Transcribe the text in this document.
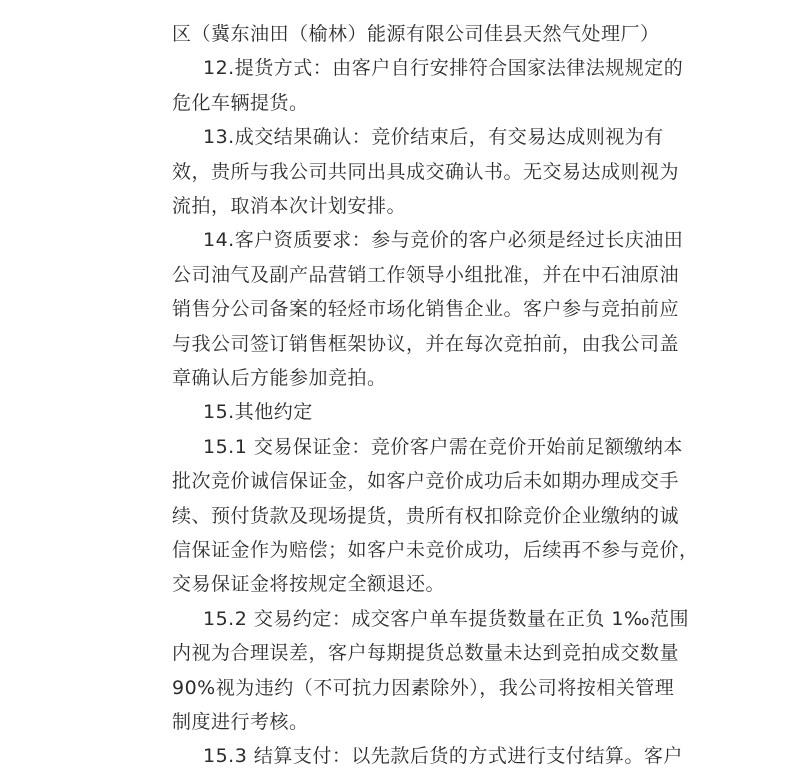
区（冀东油田（榆林）能源有限公司佳县天然气处理厂）
12.提货方式：由客户自行安排符合国家法律法规规定的
危化车辆提货。
13.成交结果确认：竞价结束后，有交易达成则视为有
效，贵所与我公司共同出具成交确认书。无交易达成则视为
流拍，取消本次计划安排。
14.客户资质要求：参与竞价的客户必须是经过长庆油田
公司油气及副产品营销工作领导小组批准，并在中石油原油
销售分公司备案的轻烃市场化销售企业。客户参与竞拍前应
与我公司签订销售框架协议，并在每次竞拍前，由我公司盖
章确认后方能参加竞拍。
15.其他约定
15.1 交易保证金：竞价客户需在竞价开始前足额缴纳本
批次竞价诚信保证金，如客户竞价成功后未如期办理成交手
续、预付货款及现场提货，贵所有权扣除竞价企业缴纳的诚
信保证金作为赔偿；如客户未竞价成功，后续再不参与竞价，
交易保证金将按规定全额退还。
15.2 交易约定：成交客户单车提货数量在正负 1‰范围
内视为合理误差，客户每期提货总数量未达到竞拍成交数量
90%视为违约（不可抗力因素除外），我公司将按相关管理
制度进行考核。
15.3 结算支付：以先款后货的方式进行支付结算。客户
